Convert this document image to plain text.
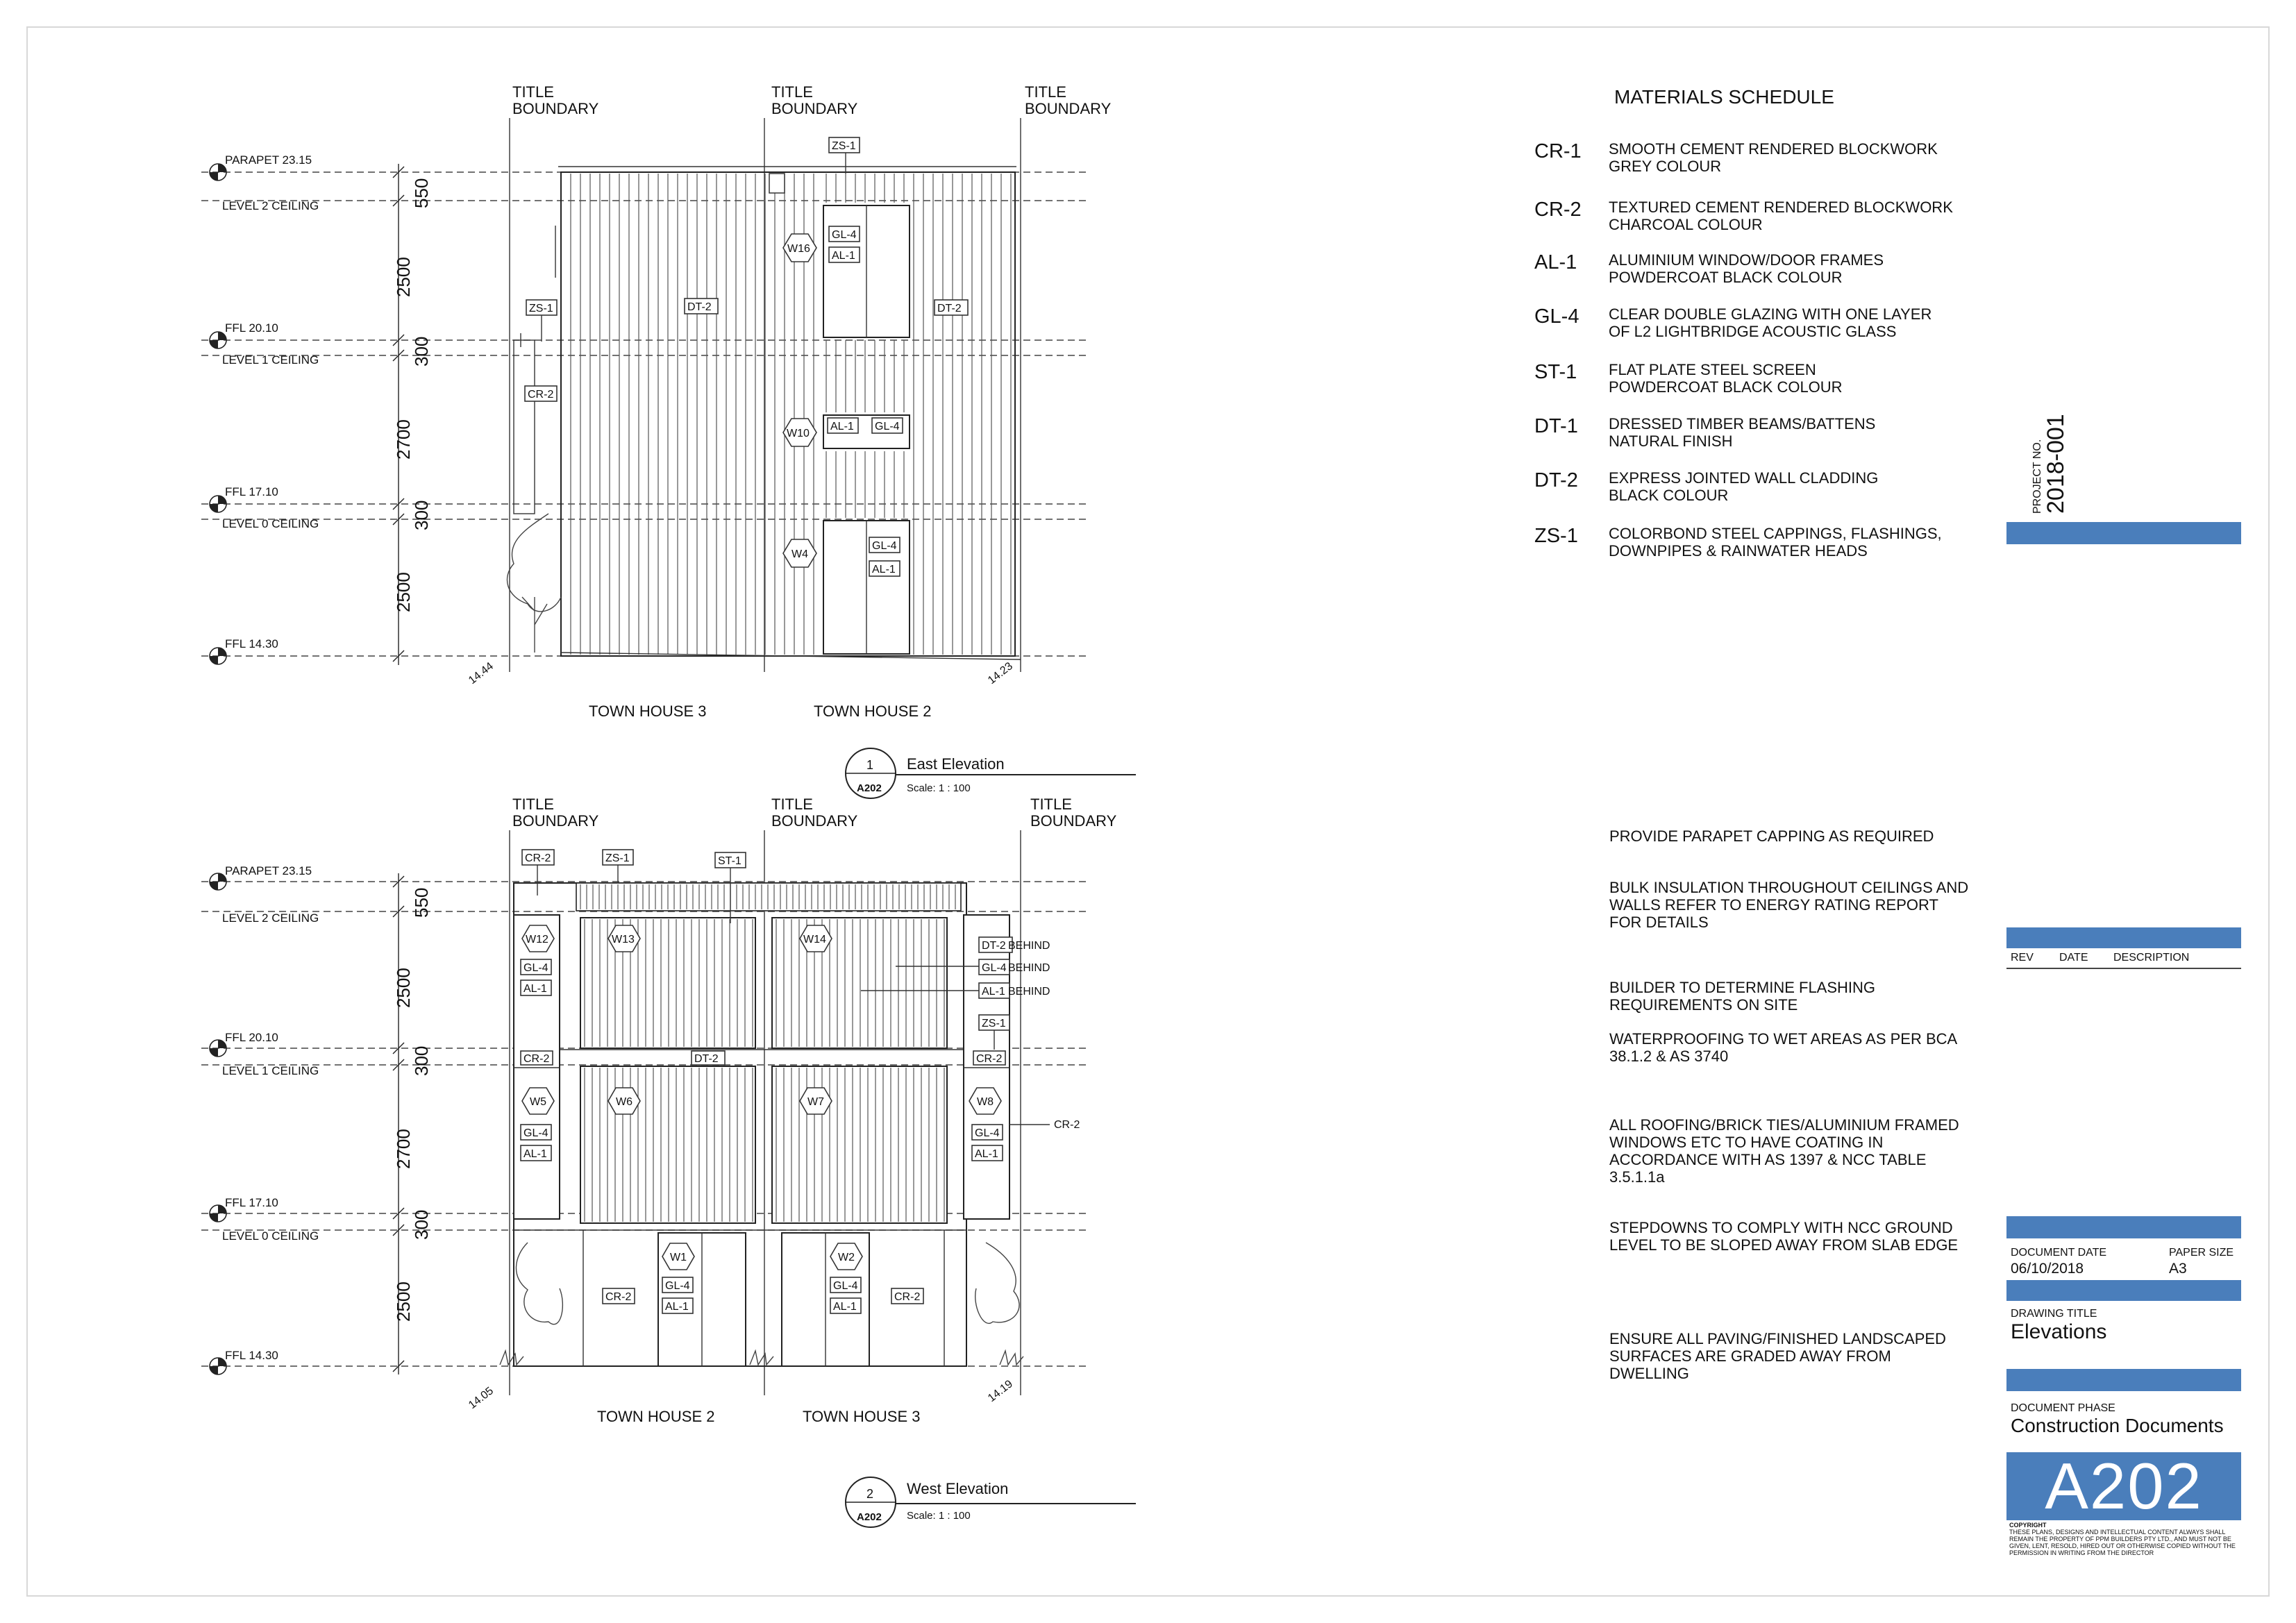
TITLE
BOUNDARY
TITLE
BOUNDARY
TITLE
BOUNDARY
PARAPET 23.15
LEVEL 2 CEILING
FFL 20.10
LEVEL 1 CEILING
FFL 17.10
LEVEL 0 CEILING
FFL 14.30
550
2500
300
2700
300
2500
ZS-1
ZS-1
CR-2
DT-2	DT-2
GL-4
AL-1
AL-1 GL-4
GL-4
AL-1
W16
W10
W4
14.44	14.23
TOWN HOUSE 3	TOWN HOUSE 2
1
A202
East Elevation
Scale: 1 : 100
TITLE
BOUNDARY
TITLE
BOUNDARY
TITLE
BOUNDARY
PARAPET 23.15
LEVEL 2 CEILING
FFL 20.10
LEVEL 1 CEILING
FFL 17.10
LEVEL 0 CEILING
FFL 14.30
550
2500
300
2700
300
2500
CR-2	ZS-1	ST-1
DT-2
GL-4
AL-1
BEHIND
BEHIND
BEHIND
ZS-1
CR-2	CR-2
DT-2
GL-4
AL-1
GL-4
AL-1
CR-2
GL-4
AL-1
GL-4
AL-1
CR-2	CR-2
GL-4
AL-1
W12	W13	W14
W5	W6	W7	W8
W1	W2
14.05	14.19
TOWN HOUSE 2	TOWN HOUSE 3
2
A202
West Elevation
Scale: 1 : 100
MATERIALS SCHEDULE
CR-1	SMOOTH CEMENT RENDERED BLOCKWORK
GREY COLOUR
CR-2	TEXTURED CEMENT RENDERED BLOCKWORK
CHARCOAL COLOUR
AL-1	ALUMINIUM WINDOW/DOOR FRAMES
POWDERCOAT BLACK COLOUR
GL-4	CLEAR DOUBLE GLAZING WITH ONE LAYER
OF L2 LIGHTBRIDGE ACOUSTIC GLASS
ST-1	FLAT PLATE STEEL SCREEN
POWDERCOAT BLACK COLOUR
DT-1	DRESSED TIMBER BEAMS/BATTENS
NATURAL FINISH
DT-2	EXPRESS JOINTED WALL CLADDING
BLACK COLOUR
ZS-1	COLORBOND STEEL CAPPINGS, FLASHINGS,
DOWNPIPES & RAINWATER HEADS
PROVIDE PARAPET CAPPING AS REQUIRED
BULK INSULATION THROUGHOUT CEILINGS AND WALLS REFER TO ENERGY RATING REPORT FOR DETAILS
BUILDER TO DETERMINE FLASHING REQUIREMENTS ON SITE
WATERPROOFING TO WET AREAS AS PER BCA 38.1.2 & AS 3740
ALL ROOFING/BRICK TIES/ALUMINIUM FRAMED WINDOWS ETC TO HAVE COATING IN ACCORDANCE WITH AS 1397 & NCC TABLE 3.5.1.1a
STEPDOWNS TO COMPLY WITH NCC GROUND LEVEL TO BE SLOPED AWAY FROM SLAB EDGE
ENSURE ALL PAVING/FINISHED LANDSCAPED SURFACES ARE GRADED AWAY FROM DWELLING
PROJECT NO. 2018-001
REV DATE DESCRIPTION
DOCUMENT DATE	PAPER SIZE
06/10/2018	A3
DRAWING TITLE
Elevations
DOCUMENT PHASE
Construction Documents
A202
COPYRIGHT
THESE PLANS, DESIGNS AND INTELLECTUAL CONTENT ALWAYS SHALL REMAIN THE PROPERTY OF PPM BUILDERS PTY LTD., AND MUST NOT BE GIVEN, LENT, RESOLD, HIRED OUT OR OTHERWISE COPIED WITHOUT THE PERMISSION IN WRITING FROM THE DIRECTOR
